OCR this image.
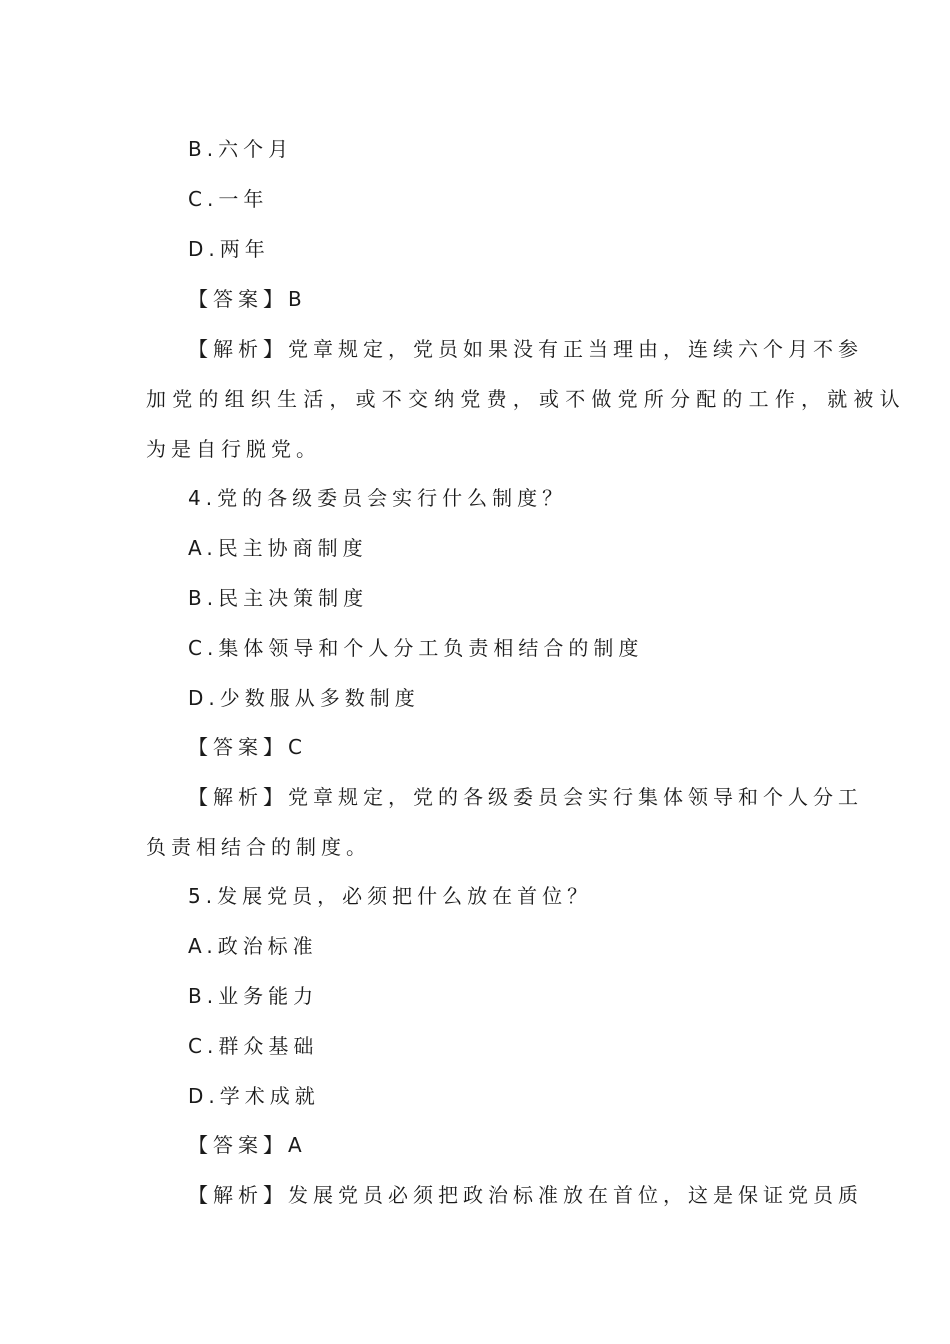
B.六个月
C.一年
D.两年
【答案】B
【解析】党章规定，党员如果没有正当理由，连续六个月不参
加党的组织生活，或不交纳党费，或不做党所分配的工作，就被认
为是自行脱党。
4.党的各级委员会实行什么制度？
A.民主协商制度
B.民主决策制度
C.集体领导和个人分工负责相结合的制度
D.少数服从多数制度
【答案】C
【解析】党章规定，党的各级委员会实行集体领导和个人分工
负责相结合的制度。
5.发展党员，必须把什么放在首位？
A.政治标准
B.业务能力
C.群众基础
D.学术成就
【答案】A
【解析】发展党员必须把政治标准放在首位，这是保证党员质
